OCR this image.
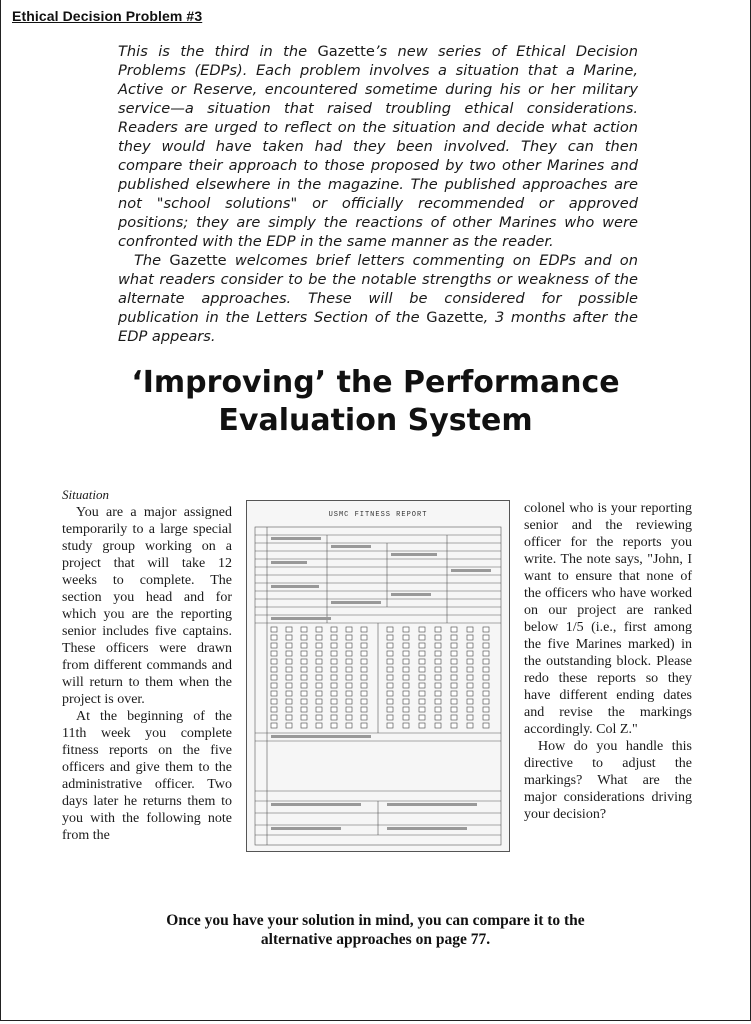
Ethical Decision Problem #3

This is the third in the Gazette’s new series of Ethical Decision Problems (EDPs). Each problem involves a situation that a Marine, Active or Reserve, encountered sometime during his or her military service—a situation that raised troubling ethical considerations. Readers are urged to reflect on the situation and decide what action they would have taken had they been involved. They can then compare their approach to those proposed by two other Marines and published elsewhere in the magazine. The published approaches are not "school solutions" or officially recommended or approved positions; they are simply the reactions of other Marines who were confronted with the EDP in the same manner as the reader.

The Gazette welcomes brief letters commenting on EDPs and on what readers consider to be the notable strengths or weakness of the alternate approaches. These will be considered for possible publication in the Letters Section of the Gazette, 3 months after the EDP appears.

‘Improving’ the Performance
Evaluation System

Situation

You are a major assigned temporarily to a large special study group working on a project that will take 12 weeks to complete. The section you head and for which you are the reporting senior includes five captains. These officers were drawn from different commands and will return to them when the project is over.

At the beginning of the 11th week you complete fitness reports on the five officers and give them to the administrative officer. Two days later he returns them to you with the following note from the

USMC FITNESS REPORT	colonel who is your reporting senior and the reviewing officer for the reports you write. The note says, "John, I want to ensure that none of the officers who have worked on our project are ranked below 1/5 (i.e., first among the five Marines marked) in the outstanding block. Please redo these reports so they have different ending dates and revise the markings accordingly. Col Z."

How do you handle this directive to adjust the markings? What are the major considerations driving your decision?

Once you have your solution in mind, you can compare it to the
alternative approaches on page 77.
